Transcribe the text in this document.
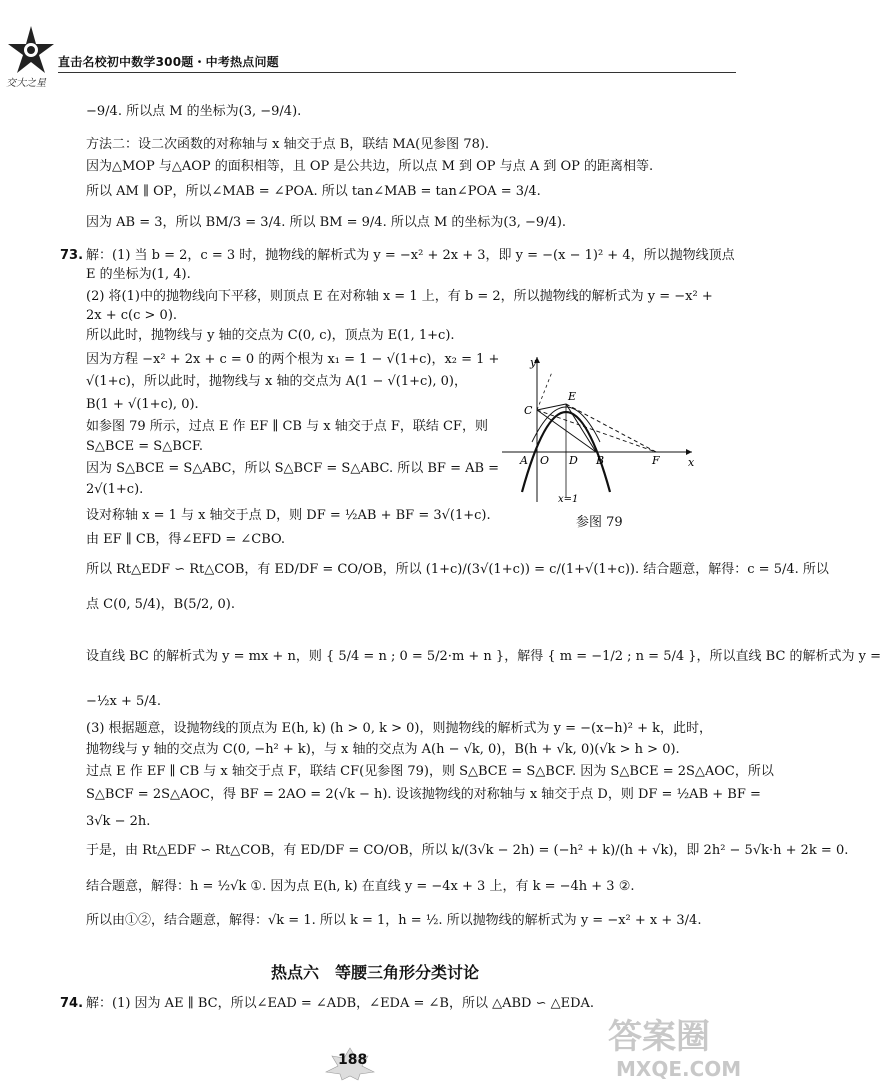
交大之星
直击名校初中数学300题・中考热点问题
−9/4. 所以点 M 的坐标为(3, −9/4).
方法二：设二次函数的对称轴与 x 轴交于点 B，联结 MA(见参图 78).
因为△MOP 与△AOP 的面积相等，且 OP 是公共边，所以点 M 到 OP 与点 A 到 OP 的距离相等.
所以 AM ∥ OP，所以∠MAB = ∠POA. 所以 tan∠MAB = tan∠POA = 3/4.
因为 AB = 3，所以 BM/3 = 3/4. 所以 BM = 9/4. 所以点 M 的坐标为(3, −9/4).
73. 解：(1) 当 b = 2，c = 3 时，抛物线的解析式为 y = −x² + 2x + 3，即 y = −(x − 1)² + 4，所以抛物线顶点
E 的坐标为(1, 4).
(2) 将(1)中的抛物线向下平移，则顶点 E 在对称轴 x = 1 上，有 b = 2，所以抛物线的解析式为 y = −x² +
2x + c(c > 0).
所以此时，抛物线与 y 轴的交点为 C(0, c)，顶点为 E(1, 1+c).
因为方程 −x² + 2x + c = 0 的两个根为 x₁ = 1 − √(1+c)，x₂ = 1 +
√(1+c)，所以此时，抛物线与 x 轴的交点为 A(1 − √(1+c), 0)，
B(1 + √(1+c), 0).
如参图 79 所示，过点 E 作 EF ∥ CB 与 x 轴交于点 F，联结 CF，则
S△BCE = S△BCF.
因为 S△BCE = S△ABC，所以 S△BCF = S△ABC. 所以 BF = AB =
2√(1+c).
设对称轴 x = 1 与 x 轴交于点 D，则 DF = ½AB + BF = 3√(1+c).
由 EF ∥ CB，得∠EFD = ∠CBO.
所以 Rt△EDF ∽ Rt△COB，有 ED/DF = CO/OB，所以 (1+c)/(3√(1+c)) = c/(1+√(1+c)). 结合题意，解得：c = 5/4. 所以
点 C(0, 5/4)，B(5/2, 0).
设直线 BC 的解析式为 y = mx + n，则 { 5/4 = n ; 0 = 5/2·m + n }，解得 { m = −1/2 ; n = 5/4 }，所以直线 BC 的解析式为 y =
−½x + 5/4.
(3) 根据题意，设抛物线的顶点为 E(h, k) (h > 0, k > 0)，则抛物线的解析式为 y = −(x−h)² + k，此时，
抛物线与 y 轴的交点为 C(0, −h² + k)，与 x 轴的交点为 A(h − √k, 0)，B(h + √k, 0)(√k > h > 0).
过点 E 作 EF ∥ CB 与 x 轴交于点 F，联结 CF(见参图 79)，则 S△BCE = S△BCF. 因为 S△BCE = 2S△AOC，所以
S△BCF = 2S△AOC，得 BF = 2AO = 2(√k − h). 设该抛物线的对称轴与 x 轴交于点 D，则 DF = ½AB + BF =
3√k − 2h.
于是，由 Rt△EDF ∽ Rt△COB，有 ED/DF = CO/OB，所以 k/(3√k − 2h) = (−h² + k)/(h + √k)，即 2h² − 5√k·h + 2k = 0.
结合题意，解得：h = ½√k ①. 因为点 E(h, k) 在直线 y = −4x + 3 上，有 k = −4h + 3 ②.
所以由①②，结合题意，解得：√k = 1. 所以 k = 1，h = ½. 所以抛物线的解析式为 y = −x² + x + 3/4.
热点六　等腰三角形分类讨论
74. 解：(1) 因为 AE ∥ BC，所以∠EAD = ∠ADB，∠EDA = ∠B，所以 △ABD ∽ △EDA.
y
x
E
C
A O D B	F
x=1
参图 79
188
答案圈
MXQE.COM
